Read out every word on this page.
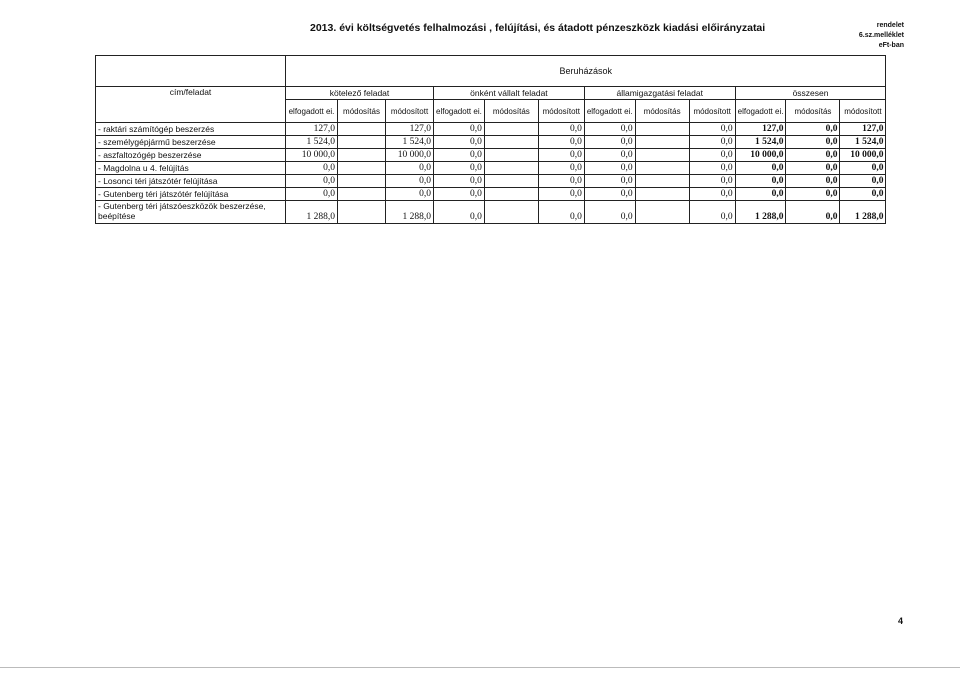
2013. évi költségvetés felhalmozási , felújítási, és átadott pénzeszközk kiadási előirányzatai	rendelet
6.sz.melléklet
eFt-ban
	Beruházások											
cím/feladat	kötelező feladat			önként vállalt feladat			államigazgatási feladat			összesen		
	elfogadott ei.	módosítás	módosított	elfogadott ei.	módosítás	módosított	elfogadott ei.	módosítás	módosított	elfogadott ei.	módosítás	módosított
- raktári számítógép beszerzés	127,0		127,0	0,0		0,0	0,0		0,0	127,0	0,0	127,0
- személygépjármű beszerzése	1 524,0		1 524,0	0,0		0,0	0,0		0,0	1 524,0	0,0	1 524,0
- aszfaltozógép beszerzése	10 000,0		10 000,0	0,0		0,0	0,0		0,0	10 000,0	0,0	10 000,0
- Magdolna u 4. felújítás	0,0		0,0	0,0		0,0	0,0		0,0	0,0	0,0	0,0
- Losonci téri játszótér felújítása	0,0		0,0	0,0		0,0	0,0		0,0	0,0	0,0	0,0
- Gutenberg téri játszótér felújítása	0,0		0,0	0,0		0,0	0,0		0,0	0,0	0,0	0,0
- Gutenberg téri játszóeszközök beszerzése, beépítése	1 288,0		1 288,0	0,0		0,0	0,0		0,0	1 288,0	0,0	1 288,0
4
